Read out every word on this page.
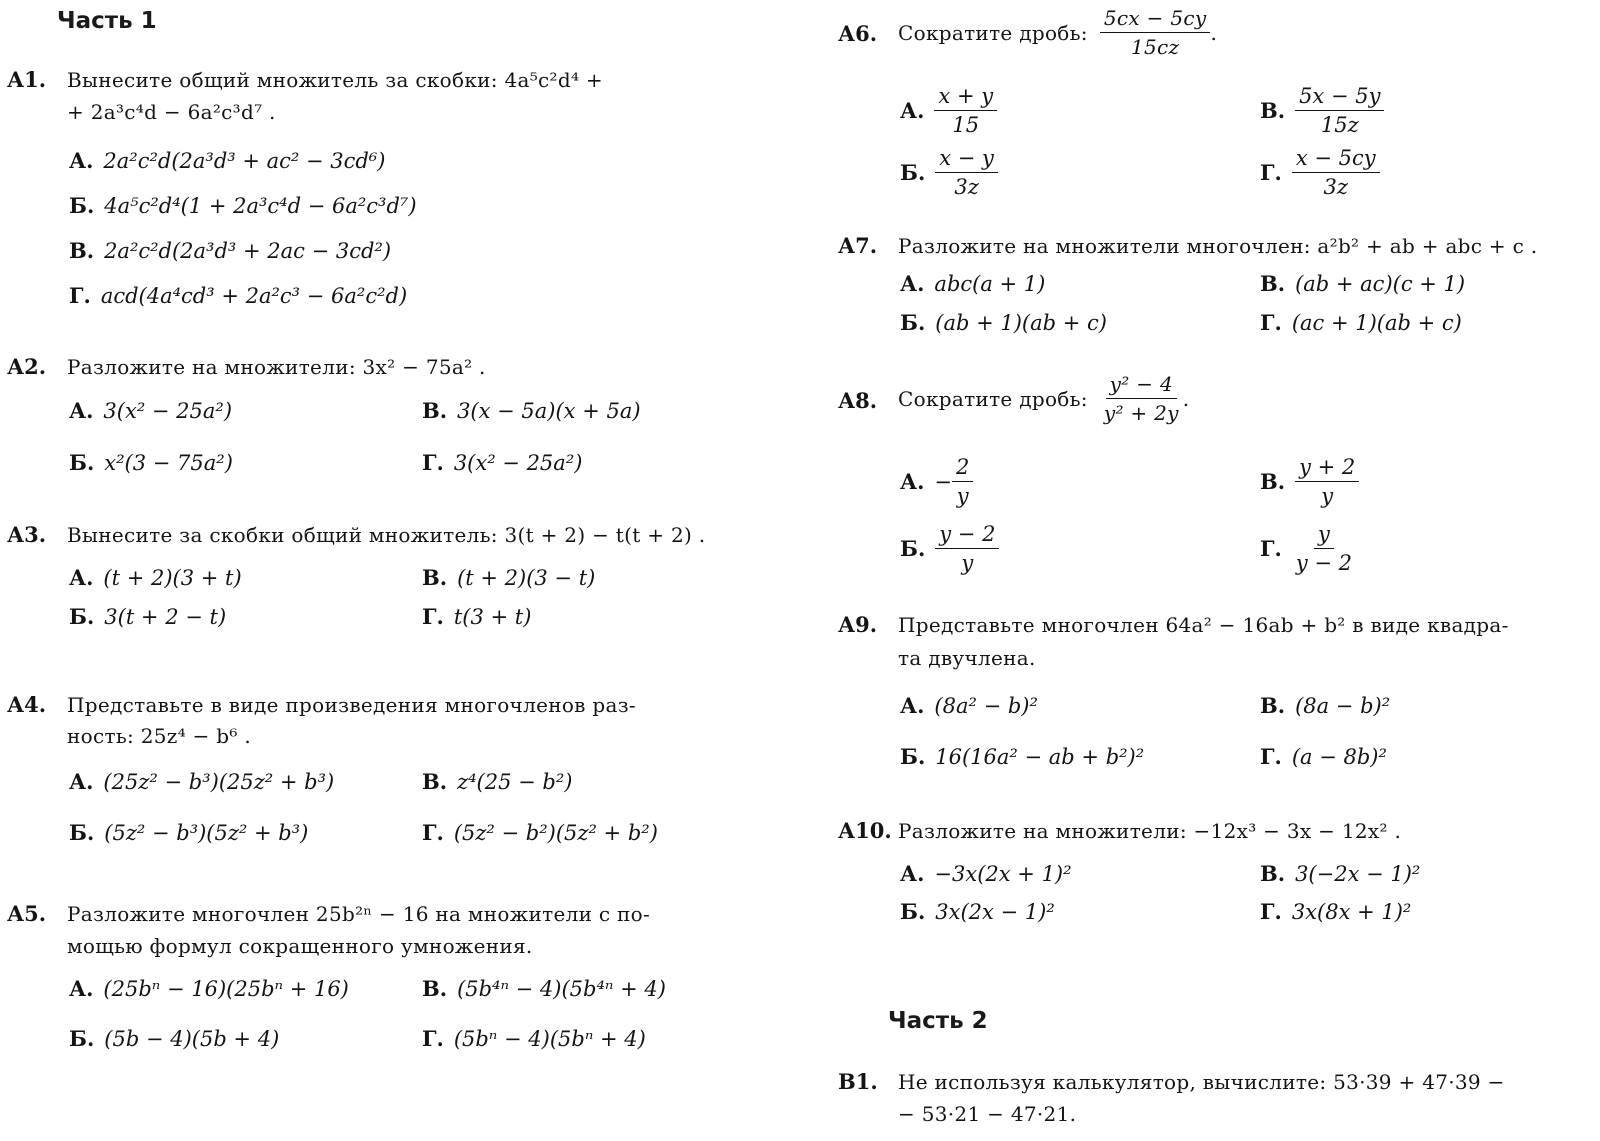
Часть 1
А1. Вынесите общий множитель за скобки: 4a⁵c²d⁴ +
+ 2a³c⁴d − 6a²c³d⁷ .
А. 2a²c²d(2a³d³ + ac² − 3cd⁶)
Б. 4a⁵c²d⁴(1 + 2a³c⁴d − 6a²c³d⁷)
В. 2a²c²d(2a³d³ + 2ac − 3cd²)
Г. acd(4a⁴cd³ + 2a²c³ − 6a²c²d)
А2. Разложите на множители: 3x² − 75a² .
А. 3(x² − 25a²)	В. 3(x − 5a)(x + 5a)
Б. x²(3 − 75a²)	Г. 3(x² − 25a²)
А3. Вынесите за скобки общий множитель: 3(t + 2) − t(t + 2) .
А. (t + 2)(3 + t)	В. (t + 2)(3 − t)
Б. 3(t + 2 − t)	Г. t(3 + t)
А4. Представьте в виде произведения многочленов раз-
ность: 25z⁴ − b⁶ .
А. (25z² − b³)(25z² + b³)	В. z⁴(25 − b²)
Б. (5z² − b³)(5z² + b³)	Г. (5z² − b²)(5z² + b²)
А5. Разложите многочлен 25b²ⁿ − 16 на множители с по-
мощью формул сокращенного умножения.
А. (25bⁿ − 16)(25bⁿ + 16)	В. (5b⁴ⁿ − 4)(5b⁴ⁿ + 4)
Б. (5b − 4)(5b + 4)	Г. (5bⁿ − 4)(5bⁿ + 4)
А6. Сократите дробь: $\frac{5cx - 5cy}{15cz}$ .
А. $\frac{x + y}{15}$	В. $\frac{5x - 5y}{15z}$
Б. $\frac{x - y}{3z}$	Г. $\frac{x - 5cy}{3z}$
А7. Разложите на множители многочлен: a²b² + ab + abc + c .
А. abc(a + 1)	В. (ab + ac)(c + 1)
Б. (ab + 1)(ab + c)	Г. (ac + 1)(ab + c)
А8. Сократите дробь: $\frac{\text{y² − 4}}{\text{y² + 2y}}$ .
А. − $\frac{2}{y}$	В. $\frac{y + 2}{y}$
Б. $\frac{y - 2}{y}$	Г. $\frac{y}{y - 2}$
А9. Представьте многочлен 64a² − 16ab + b² в виде квадра-
та двучлена.
А. (8a² − b)²	В. (8a − b)²
Б. 16(16a² − ab + b²)²	Г. (a − 8b)²
А10. Разложите на множители: −12x³ − 3x − 12x² .
А. −3x(2x + 1)²	В. 3(−2x − 1)²
Б. 3x(2x − 1)²	Г. 3x(8x + 1)²
Часть 2
В1. Не используя калькулятор, вычислите: 53·39 + 47·39 −
− 53·21 − 47·21.
